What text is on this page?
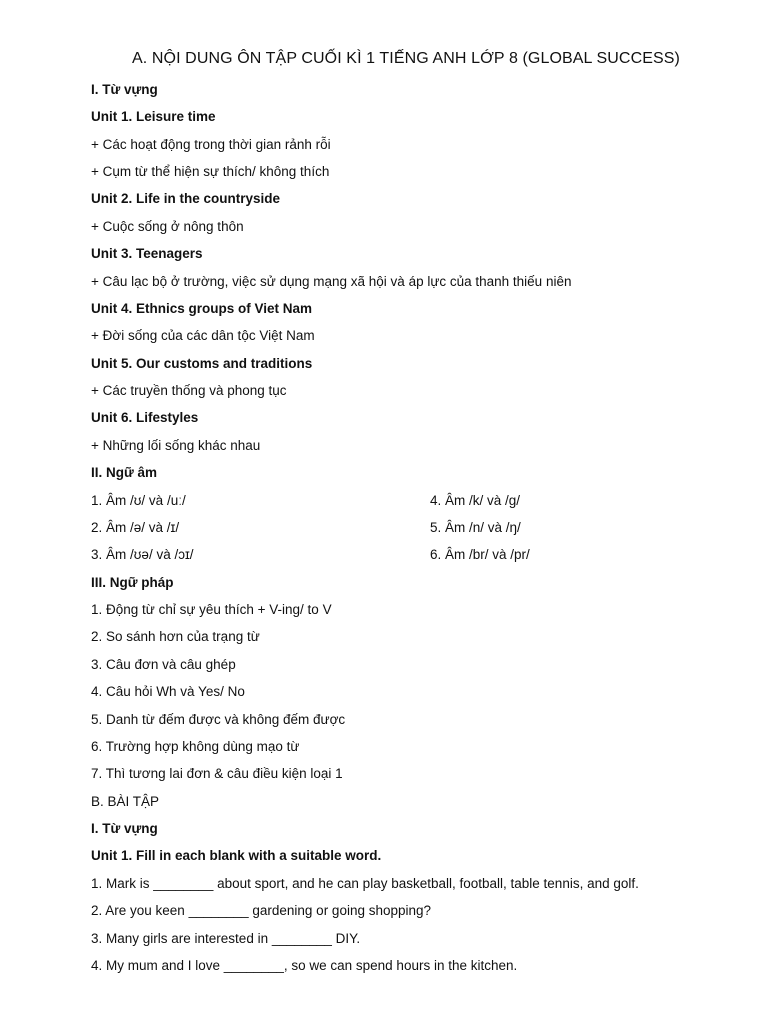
A. NỘI DUNG ÔN TẬP CUỐI KÌ 1 TIẾNG ANH LỚP 8 (GLOBAL SUCCESS)

I. Từ vựng

Unit 1. Leisure time

+ Các hoạt động trong thời gian rảnh rỗi

+ Cụm từ thể hiện sự thích/ không thích

Unit 2. Life in the countryside

+ Cuộc sống ở nông thôn

Unit 3. Teenagers

+ Câu lạc bộ ở trường, việc sử dụng mạng xã hội và áp lực của thanh thiếu niên

Unit 4. Ethnics groups of Viet Nam

+ Đời sống của các dân tộc Việt Nam

Unit 5. Our customs and traditions

+ Các truyền thống và phong tục

Unit 6. Lifestyles

+ Những lối sống khác nhau

II. Ngữ âm

1. Âm /ʊ/ và /uː/	4. Âm /k/ và /g/

2. Âm /ə/ và /ɪ/	5. Âm /n/ và /ŋ/

3. Âm /ʊə/ và /ɔɪ/	6. Âm /br/ và /pr/

III. Ngữ pháp

1. Động từ chỉ sự yêu thích + V-ing/ to V

2. So sánh hơn của trạng từ

3. Câu đơn và câu ghép

4. Câu hỏi Wh và Yes/ No

5. Danh từ đếm được và không đếm được

6. Trường hợp không dùng mạo từ

7. Thì tương lai đơn & câu điều kiện loại 1

B. BÀI TẬP

I. Từ vựng

Unit 1. Fill in each blank with a suitable word.

1. Mark is ________ about sport, and he can play basketball, football, table tennis, and golf.

2. Are you keen ________ gardening or going shopping?

3. Many girls are interested in ________ DIY.

4. My mum and I love ________, so we can spend hours in the kitchen.
